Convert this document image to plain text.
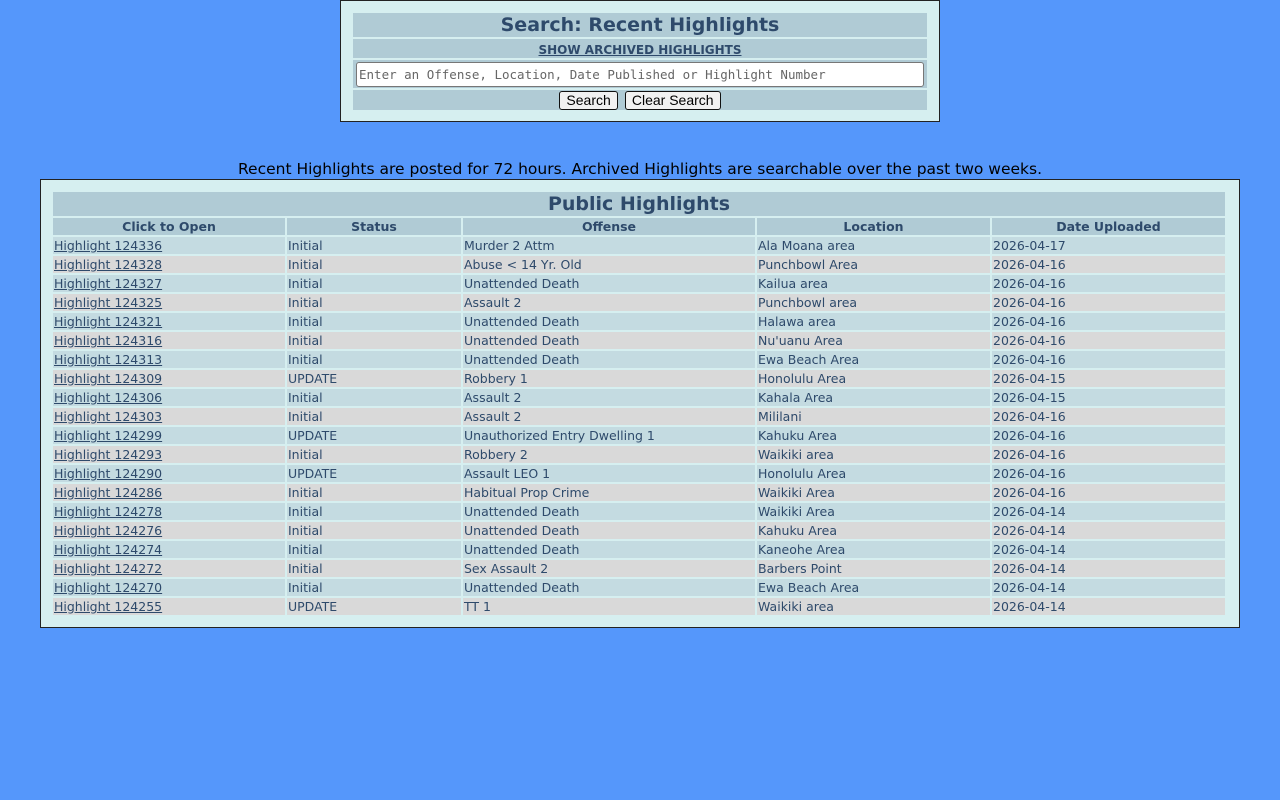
Search: Recent Highlights
SHOW ARCHIVED HIGHLIGHTS
Enter an Offense, Location, Date Published or Highlight Number
Search Clear Search
Recent Highlights are posted for 72 hours. Archived Highlights are searchable over the past two weeks.
Public Highlights				
Click to Open	Status	Offense	Location	Date Uploaded
Highlight 124336	Initial	Murder 2 Attm	Ala Moana area	2026-04-17
Highlight 124328	Initial	Abuse < 14 Yr. Old	Punchbowl Area	2026-04-16
Highlight 124327	Initial	Unattended Death	Kailua area	2026-04-16
Highlight 124325	Initial	Assault 2	Punchbowl area	2026-04-16
Highlight 124321	Initial	Unattended Death	Halawa area	2026-04-16
Highlight 124316	Initial	Unattended Death	Nu'uanu Area	2026-04-16
Highlight 124313	Initial	Unattended Death	Ewa Beach Area	2026-04-16
Highlight 124309	UPDATE	Robbery 1	Honolulu Area	2026-04-15
Highlight 124306	Initial	Assault 2	Kahala Area	2026-04-15
Highlight 124303	Initial	Assault 2	Mililani	2026-04-16
Highlight 124299	UPDATE	Unauthorized Entry Dwelling 1	Kahuku Area	2026-04-16
Highlight 124293	Initial	Robbery 2	Waikiki area	2026-04-16
Highlight 124290	UPDATE	Assault LEO 1	Honolulu Area	2026-04-16
Highlight 124286	Initial	Habitual Prop Crime	Waikiki Area	2026-04-16
Highlight 124278	Initial	Unattended Death	Waikiki Area	2026-04-14
Highlight 124276	Initial	Unattended Death	Kahuku Area	2026-04-14
Highlight 124274	Initial	Unattended Death	Kaneohe Area	2026-04-14
Highlight 124272	Initial	Sex Assault 2	Barbers Point	2026-04-14
Highlight 124270	Initial	Unattended Death	Ewa Beach Area	2026-04-14
Highlight 124255	UPDATE	TT 1	Waikiki area	2026-04-14
